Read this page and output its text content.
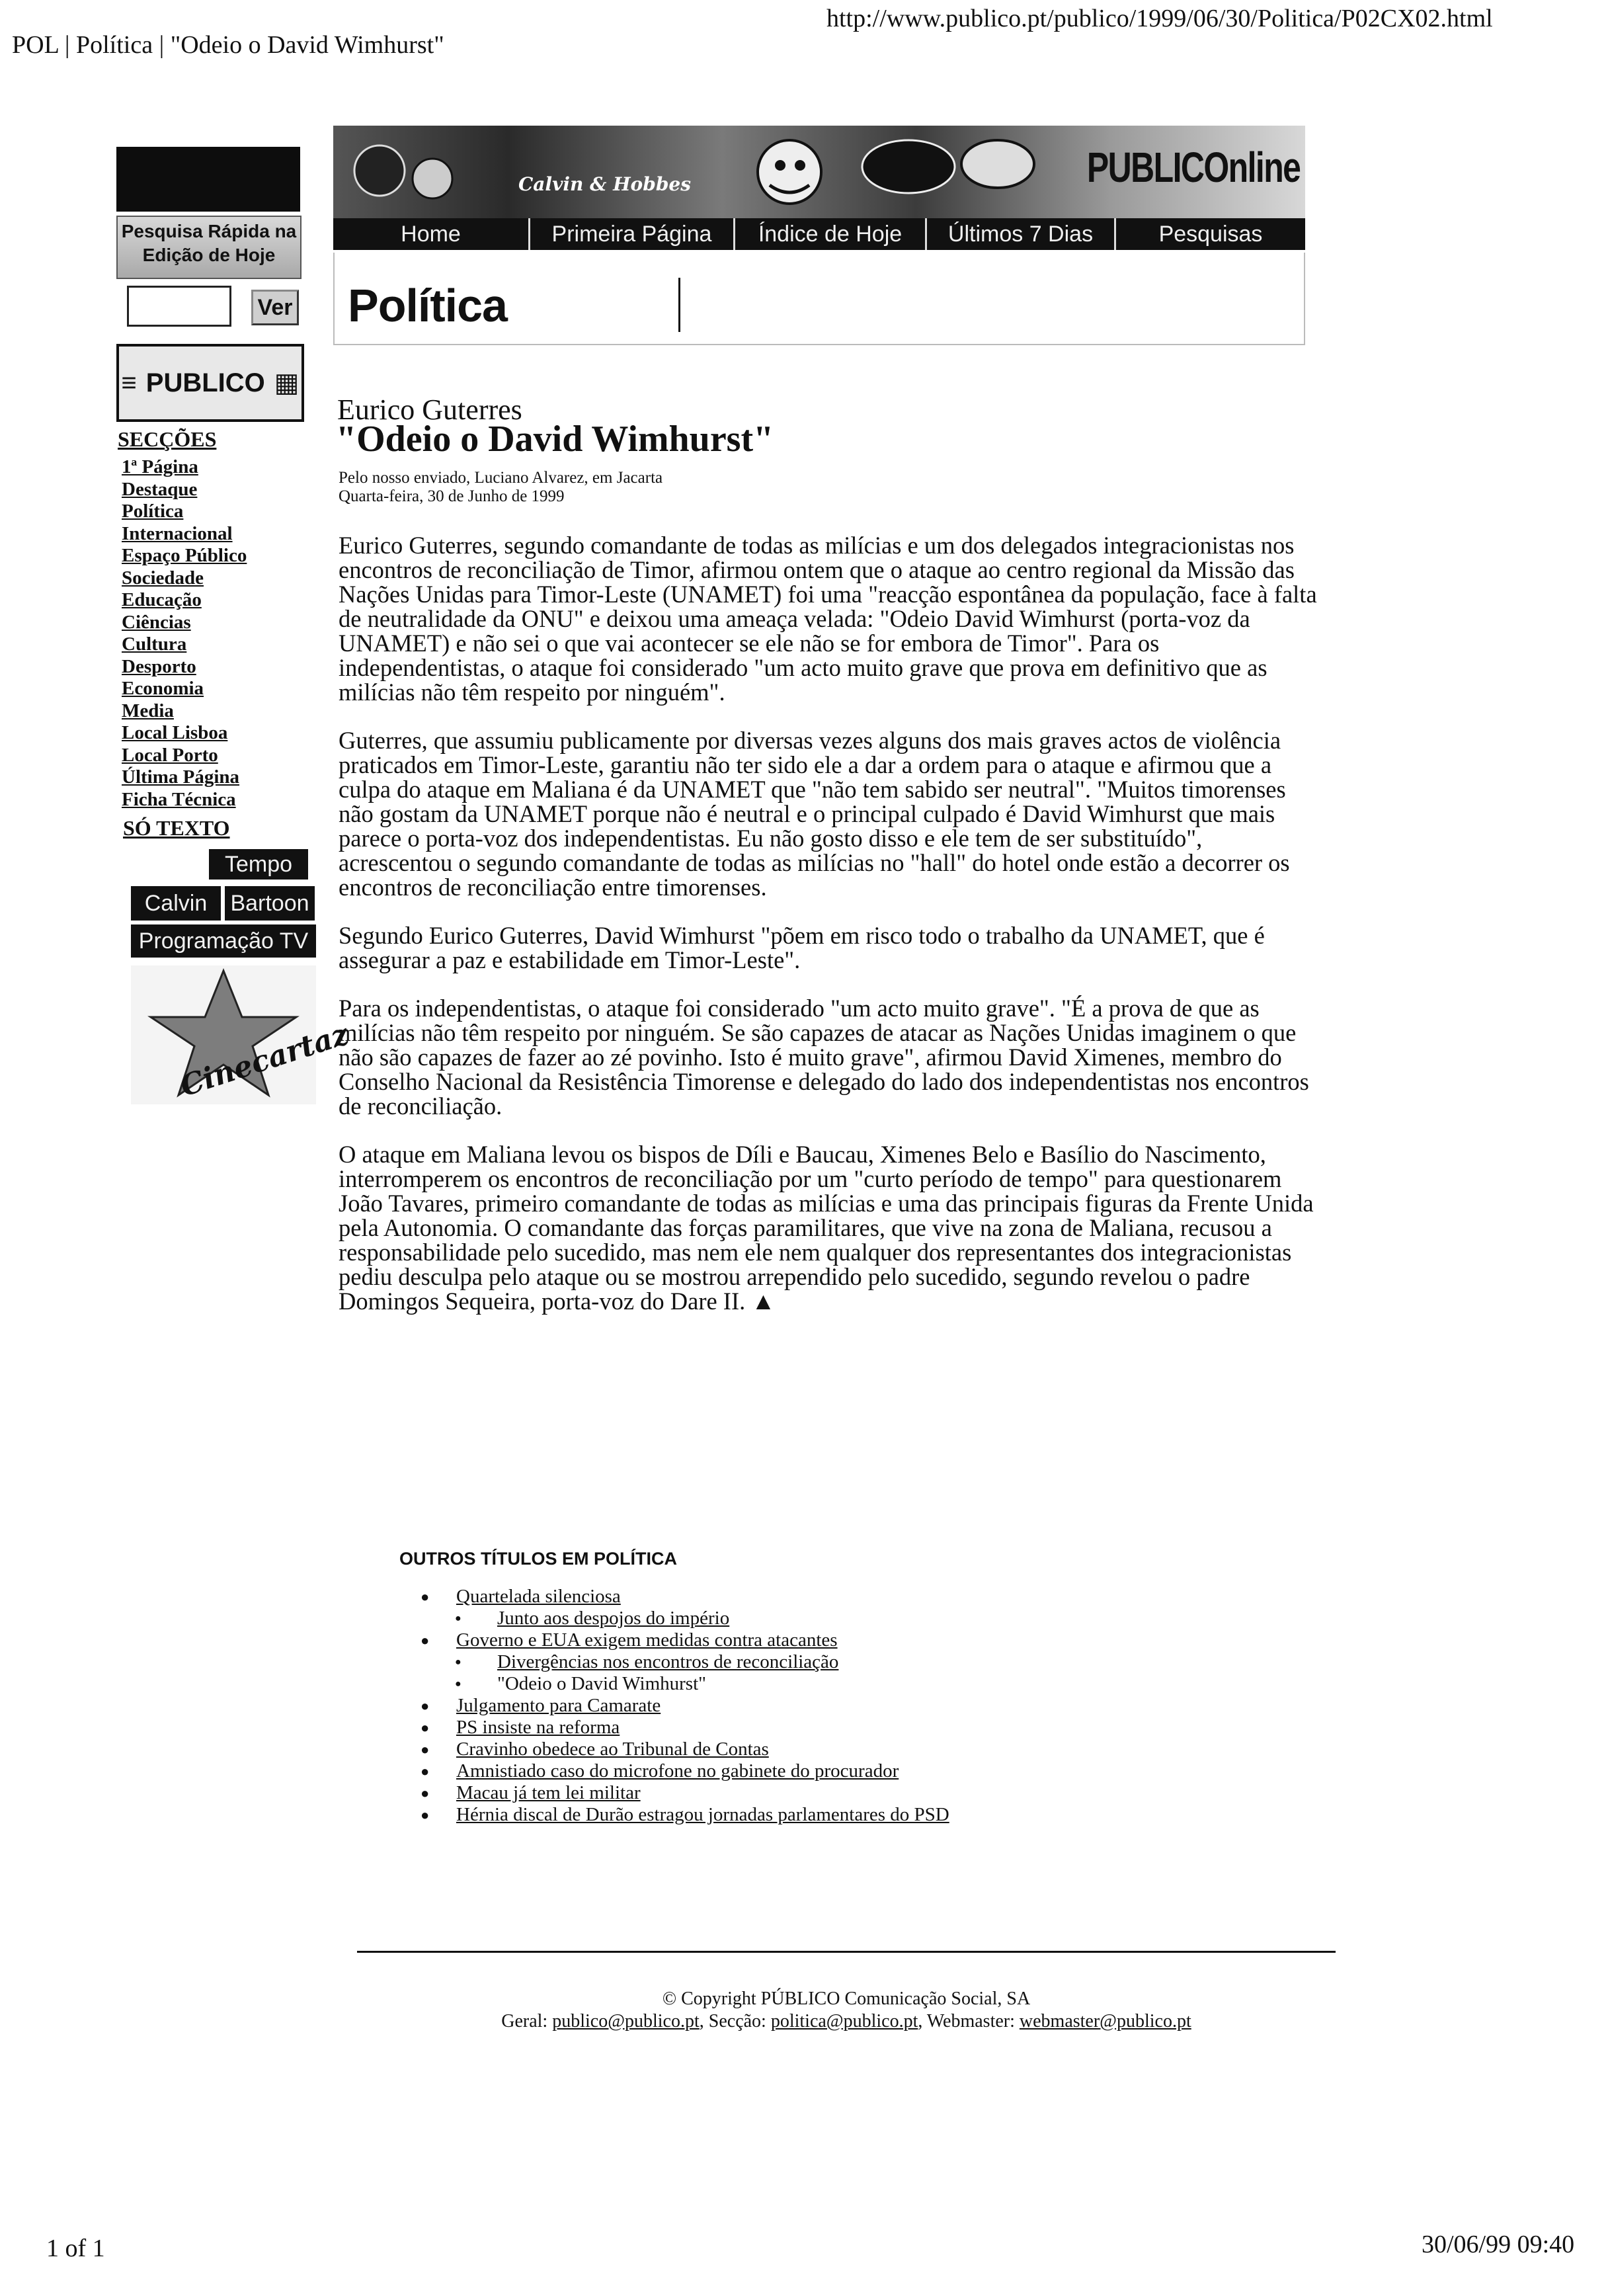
POL | Política | "Odeio o David Wimhurst"
http://www.publico.pt/publico/1999/06/30/Politica/P02CX02.html
Pesquisa Rápida na Edição de Hoje
Ver
≡ PUBLICO ▦
SECÇÕES
1ª Página
Destaque
Política
Internacional
Espaço Público
Sociedade
Educação
Ciências
Cultura
Desporto
Economia
Media
Local Lisboa
Local Porto
Última Página
Ficha Técnica
SÓ TEXTO
Tempo
Calvin	Bartoon
Programação TV
Cinecartaz
Calvin & Hobbes	PUBLICOnline
Home	Primeira Página	Índice de Hoje	Últimos 7 Dias	Pesquisas
Política
Eurico Guterres
"Odeio o David Wimhurst"
Pelo nosso enviado, Luciano Alvarez, em Jacarta
Quarta-feira, 30 de Junho de 1999

Eurico Guterres, segundo comandante de todas as milícias e um dos delegados integracionistas nos encontros de reconciliação de Timor, afirmou ontem que o ataque ao centro regional da Missão das Nações Unidas para Timor-Leste (UNAMET) foi uma "reacção espontânea da população, face à falta de neutralidade da ONU" e deixou uma ameaça velada: "Odeio David Wimhurst (porta-voz da UNAMET) e não sei o que vai acontecer se ele não se for embora de Timor". Para os independentistas, o ataque foi considerado "um acto muito grave que prova em definitivo que as milícias não têm respeito por ninguém".

Guterres, que assumiu publicamente por diversas vezes alguns dos mais graves actos de violência praticados em Timor-Leste, garantiu não ter sido ele a dar a ordem para o ataque e afirmou que a culpa do ataque em Maliana é da UNAMET que "não tem sabido ser neutral". "Muitos timorenses não gostam da UNAMET porque não é neutral e o principal culpado é David Wimhurst que mais parece o porta-voz dos independentistas. Eu não gosto disso e ele tem de ser substituído", acrescentou o segundo comandante de todas as milícias no "hall" do hotel onde estão a decorrer os encontros de reconciliação entre timorenses.

Segundo Eurico Guterres, David Wimhurst "põem em risco todo o trabalho da UNAMET, que é assegurar a paz e estabilidade em Timor-Leste".

Para os independentistas, o ataque foi considerado "um acto muito grave". "É a prova de que as milícias não têm respeito por ninguém. Se são capazes de atacar as Nações Unidas imaginem o que não são capazes de fazer ao zé povinho. Isto é muito grave", afirmou David Ximenes, membro do Conselho Nacional da Resistência Timorense e delegado do lado dos independentistas nos encontros de reconciliação.

O ataque em Maliana levou os bispos de Díli e Baucau, Ximenes Belo e Basílio do Nascimento, interromperem os encontros de reconciliação por um "curto período de tempo" para questionarem João Tavares, primeiro comandante de todas as milícias e uma das principais figuras da Frente Unida pela Autonomia. O comandante das forças paramilitares, que vive na zona de Maliana, recusou a responsabilidade pelo sucedido, mas nem ele nem qualquer dos representantes dos integracionistas pediu desculpa pelo ataque ou se mostrou arrependido pelo sucedido, segundo revelou o padre Domingos Sequeira, porta-voz do Dare II. ▲

OUTROS TÍTULOS EM POLÍTICA
● Quartelada silenciosa
● Junto aos despojos do império
● Governo e EUA exigem medidas contra atacantes
● Divergências nos encontros de reconciliação
● "Odeio o David Wimhurst"
● Julgamento para Camarate
● PS insiste na reforma
● Cravinho obedece ao Tribunal de Contas
● Amnistiado caso do microfone no gabinete do procurador
● Macau já tem lei militar
● Hérnia discal de Durão estragou jornadas parlamentares do PSD
© Copyright PÚBLICO Comunicação Social, SA
Geral: publico@publico.pt, Secção: politica@publico.pt, Webmaster: webmaster@publico.pt
1 of 1	30/06/99 09:40
